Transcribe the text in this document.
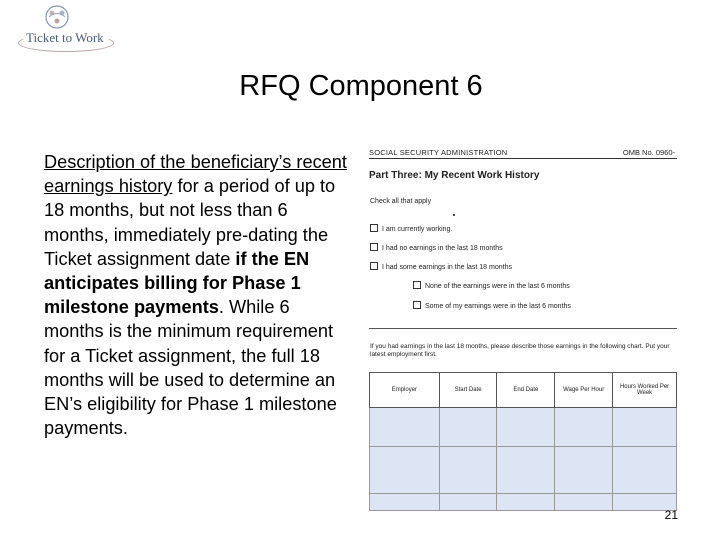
Ticket to Work
RFQ Component 6
Description of the beneficiary’s recent earnings history for a period of up to 18 months, but not less than 6 months, immediately pre-dating the Ticket assignment date if the EN anticipates billing for Phase 1 milestone payments. While 6 months is the minimum requirement for a Ticket assignment, the full 18 months will be used to determine an EN’s eligibility for Phase 1 milestone payments.
SOCIAL SECURITY ADMINISTRATION	OMB No. 0960-
Part Three: My Recent Work History
Check all that apply
I am currently working.
I had no earnings in the last 18 months
I had some earnings in the last 18 months
None of the earnings were in the last 6 months
Some of my earnings were in the last 6 months
If you had earnings in the last 18 months, please describe those earnings in the following chart. Put your latest employment first.
Employer	Start Date	End Date	Wage Per Hour	Hours Worked Per Week

21
